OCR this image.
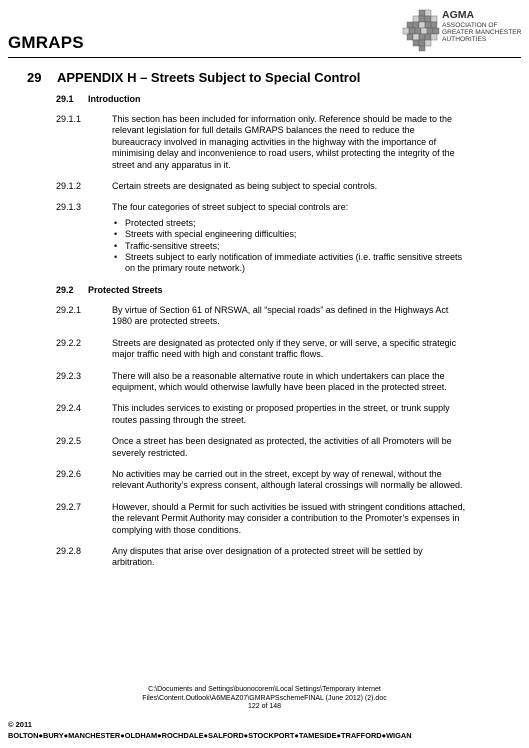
GMRAPS
AGMA
ASSOCIATION OF
GREATER MANCHESTER
AUTHORITIES
29 APPENDIX H – Streets Subject to Special Control
29.1 Introduction
29.1.1	This section has been included for information only. Reference should be made to the relevant legislation for full details GMRAPS balances the need to reduce the bureaucracy involved in managing activities in the highway with the importance of minimising delay and inconvenience to road users, whilst protecting the integrity of the street and any apparatus in it.
29.1.2	Certain streets are designated as being subject to special controls.
29.1.3	The four categories of street subject to special controls are:
• Protected streets;
• Streets with special engineering difficulties;
• Traffic-sensitive streets;
• Streets subject to early notification of immediate activities (i.e. traffic sensitive streets on the primary route network.)
29.2 Protected Streets
29.2.1	By virtue of Section 61 of NRSWA, all “special roads” as defined in the Highways Act 1980 are protected streets.
29.2.2	Streets are designated as protected only if they serve, or will serve, a specific strategic major traffic need with high and constant traffic flows.
29.2.3	There will also be a reasonable alternative route in which undertakers can place the equipment, which would otherwise lawfully have been placed in the protected street.
29.2.4	This includes services to existing or proposed properties in the street, or trunk supply routes passing through the street.
29.2.5	Once a street has been designated as protected, the activities of all Promoters will be severely restricted.
29.2.6	No activities may be carried out in the street, except by way of renewal, without the relevant Authority’s express consent, although lateral crossings will normally be allowed.
29.2.7	However, should a Permit for such activities be issued with stringent conditions attached, the relevant Permit Authority may consider a contribution to the Promoter’s expenses in complying with those conditions.
29.2.8	Any disputes that arise over designation of a protected street will be settled by arbitration.
C:\Documents and Settings\buonocorem\Local Settings\Temporary Internet
Files\Content.Outlook\A6MEAZ07\GMRAPSschemeFINAL (June 2012) (2).doc
122 of 148
© 2011
BOLTON●BURY●MANCHESTER●OLDHAM●ROCHDALE●SALFORD●STOCKPORT●TAMESIDE●TRAFFORD●WIGAN
